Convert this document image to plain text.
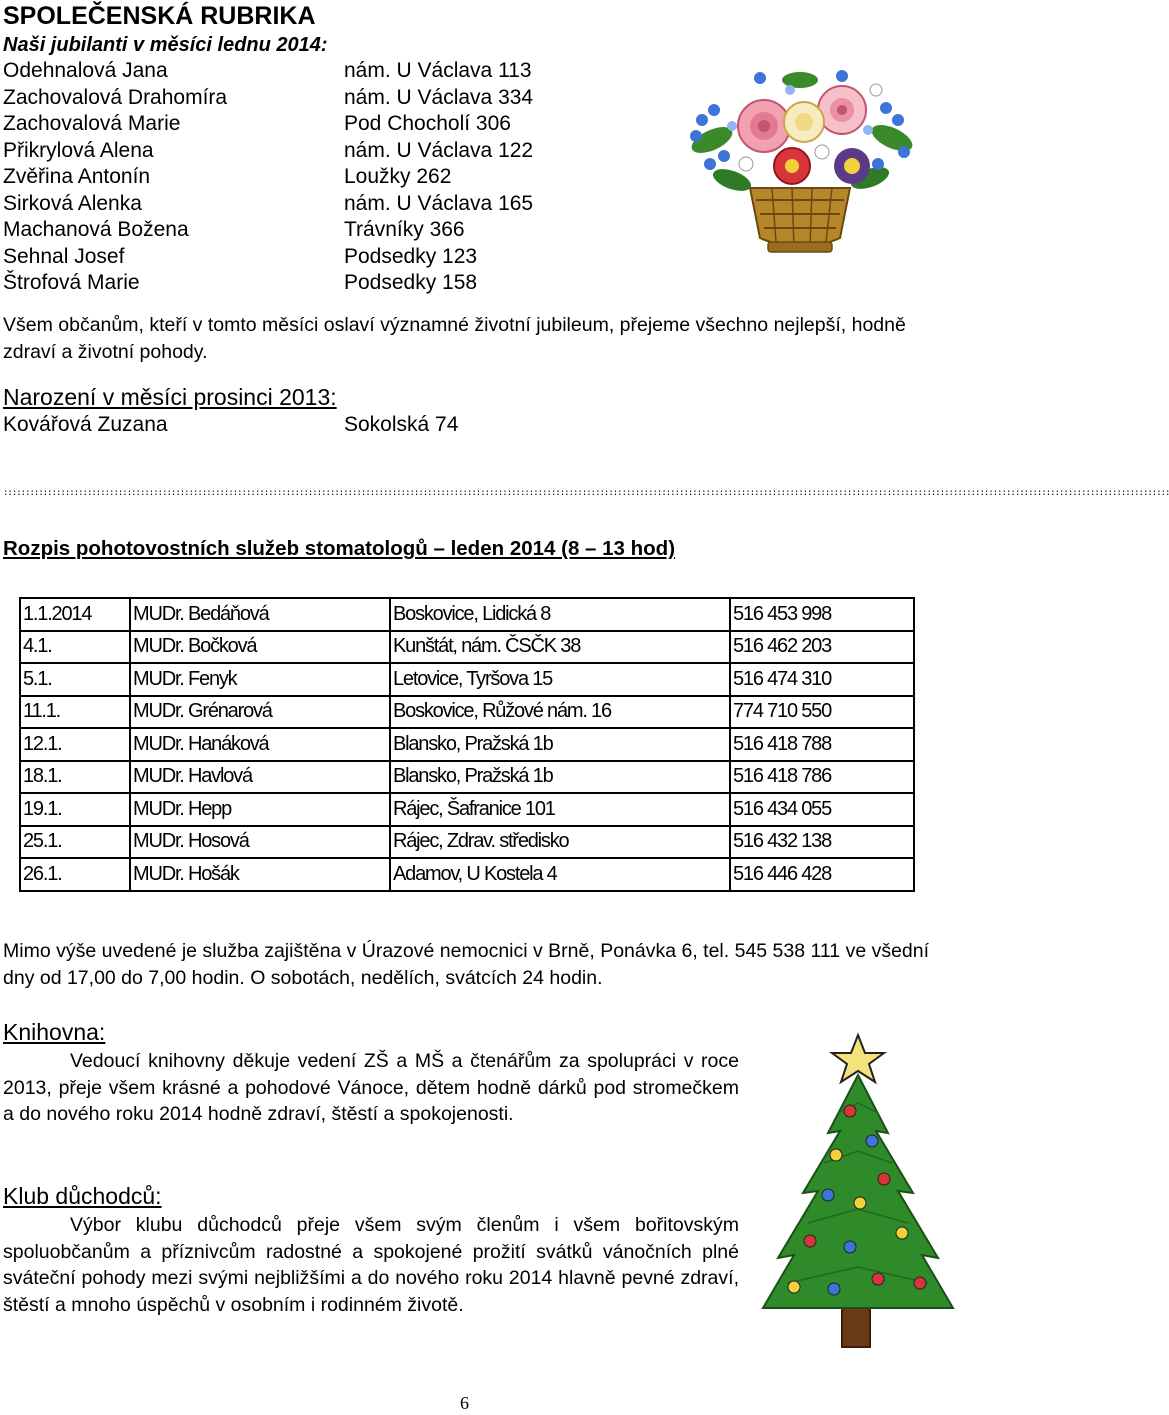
SPOLEČENSKÁ RUBRIKA
Naši jubilanti v měsíci lednu 2014:
Odehnalová Jana	nám. U Václava 113
Zachovalová Drahomíra	nám. U Václava 334
Zachovalová Marie	Pod Chocholí 306
Přikrylová Alena	nám. U Václava 122
Zvěřina Antonín	Loužky 262
Sirková Alenka	nám. U Václava 165
Machanová Božena	Trávníky 366
Sehnal Josef	Podsedky 123
Štrofová Marie	Podsedky 158
Všem občanům, kteří v tomto měsíci oslaví významné životní jubileum, přejeme všechno nejlepší, hodně zdraví a životní pohody.
Narození v měsíci prosinci 2013:
Kovářová Zuzana	Sokolská 74
::::::::::::::::::::::::::::::::::::::::::::::::::::::::::::::::::::::::::::::::::::::::::::::::::::::::::::::::::::::::::::::::::::::::::::::::::::::::::::::::::::::::::::::::::::::::::::::::::::::::::::::::::::::::::::::::::::::::::::::::::::::::::::::::::::::::
Rozpis pohotovostních služeb stomatologů – leden 2014 (8 – 13 hod)
1.1.2014	MUDr. Bedáňová	Boskovice, Lidická 8	516 453 998
4.1.	MUDr. Bočková	Kunštát, nám. ČSČK 38	516 462 203
5.1.	MUDr. Fenyk	Letovice, Tyršova 15	516 474 310
11.1.	MUDr. Grénarová	Boskovice, Růžové nám. 16	774 710 550
12.1.	MUDr. Hanáková	Blansko, Pražská 1b	516 418 788
18.1.	MUDr. Havlová	Blansko, Pražská 1b	516 418 786
19.1.	MUDr. Hepp	Rájec, Šafranice 101	516 434 055
25.1.	MUDr. Hosová	Rájec, Zdrav. středisko	516 432 138
26.1.	MUDr. Hošák	Adamov, U Kostela 4	516 446 428
Mimo výše uvedené je služba zajištěna v Úrazové nemocnici v Brně, Ponávka 6, tel. 545 538 111 ve všední dny od 17,00 do 7,00 hodin. O sobotách, nedělích, svátcích 24 hodin.
Knihovna:
Vedoucí knihovny děkuje vedení ZŠ a MŠ a čtenářům za spolupráci v roce 2013, přeje všem krásné a pohodové Vánoce, dětem hodně dárků pod stromečkem a do nového roku 2014 hodně zdraví, štěstí a spokojenosti.
Klub důchodců:
Výbor klubu důchodců přeje všem svým členům i všem bořitovským spoluobčanům a příznivcům radostné a spokojené prožití svátků vánočních plné sváteční pohody mezi svými nejbližšími a do nového roku 2014 hlavně pevné zdraví, štěstí a mnoho úspěchů v osobním i rodinném životě.
6
